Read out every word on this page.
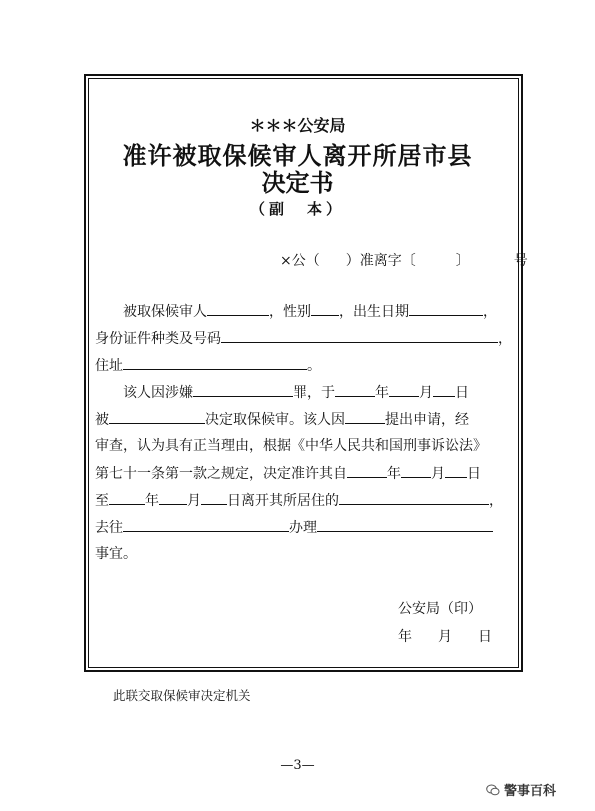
＊＊＊公安局
准许被取保候审人离开所居市县
决定书
（副　本）
×公（ ）准离字〔	〕	号
被取保候审人	，性别 ，出生日期	，
身份证件种类及号码	，
住址	。
该人因涉嫌	罪，于	年 月 日
被	决定取保候审。该人因	提出申请，经
审查，认为具有正当理由，根据《中华人民共和国刑事诉讼法》
第七十一条第一款之规定，决定准许其自	年 月 日
至	年 月 日离开其所居住的	，
去往	办理
事宜。
公安局（印）
年 月 日
此联交取保候审决定机关
—3—
警事百科
